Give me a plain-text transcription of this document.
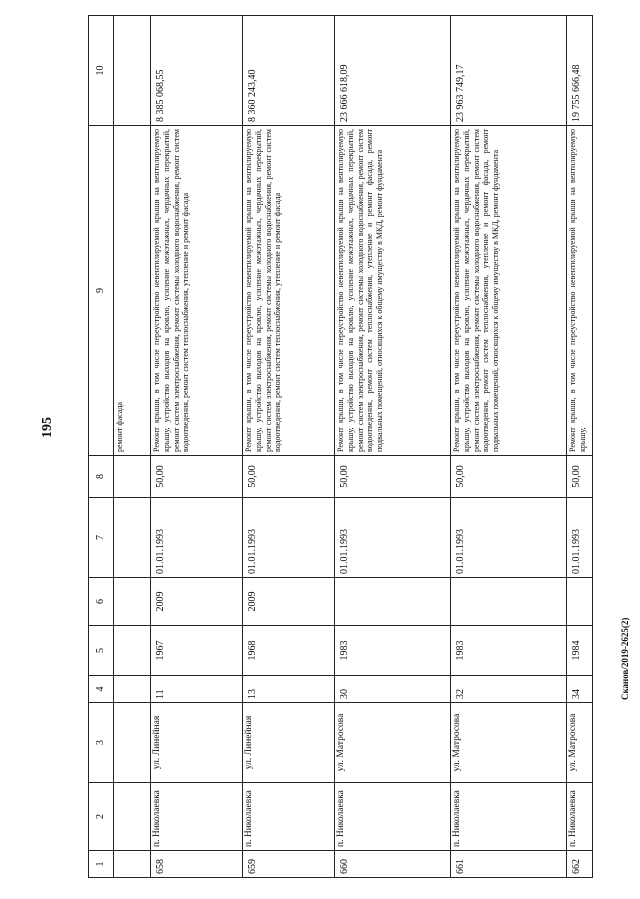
195
Сканов/2019-2625(2)
1	2	3	4	5	6	7	8	9	10
								ремонт фасада	
658	п. Николаевка	ул. Линейная	11	1967	2009	01.01.1993	50,00	Ремонт крыши, в том числе переустройство невентилируемой крыши на вентилируемую крышу, устройство выходов на кровлю, усиление межэтажных, чердачных перекрытий, ремонт систем электроснабжения, ремонт системы холодного водоснабжения, ремонт систем водоотведения, ремонт систем теплоснабжения, утепление и ремонт фасада	8 385 068,55
659	п. Николаевка	ул. Линейная	13	1968	2009	01.01.1993	50,00	Ремонт крыши, в том числе переустройство невентилируемой крыши на вентилируемую крышу, устройство выходов на кровлю, усиление межэтажных, чердачных перекрытий, ремонт систем электроснабжения, ремонт системы холодного водоснабжения, ремонт систем водоотведения, ремонт систем теплоснабжения, утепление и ремонт фасада	8 360 243,40
660	п. Николаевка	ул. Матросова	30	1983		01.01.1993	50,00	Ремонт крыши, в том числе переустройство невентилируемой крыши на вентилируемую крышу, устройство выходов на кровлю, усиление межэтажных, чердачных перекрытий, ремонт систем электроснабжения, ремонт системы холодного водоснабжения, ремонт систем водоотведения, ремонт систем теплоснабжения, утепление и ремонт фасада, ремонт подвальных помещений, относящихся к общему имуществу в МКД, ремонт фундамента	23 666 618,09
661	п. Николаевка	ул. Матросова	32	1983		01.01.1993	50,00	Ремонт крыши, в том числе переустройство невентилируемой крыши на вентилируемую крышу, устройство выходов на кровлю, усиление межэтажных, чердачных перекрытий, ремонт систем электроснабжения, ремонт системы холодного водоснабжения, ремонт систем водоотведения, ремонт систем теплоснабжения, утепление и ремонт фасада, ремонт подвальных помещений, относящихся к общему имуществу в МКД, ремонт фундамента	23 963 749,17
662	п. Николаевка	ул. Матросова	34	1984		01.01.1993	50,00	Ремонт крыши, в том числе переустройство невентилируемой крыши на вентилируемую крышу,	19 755 666,48
